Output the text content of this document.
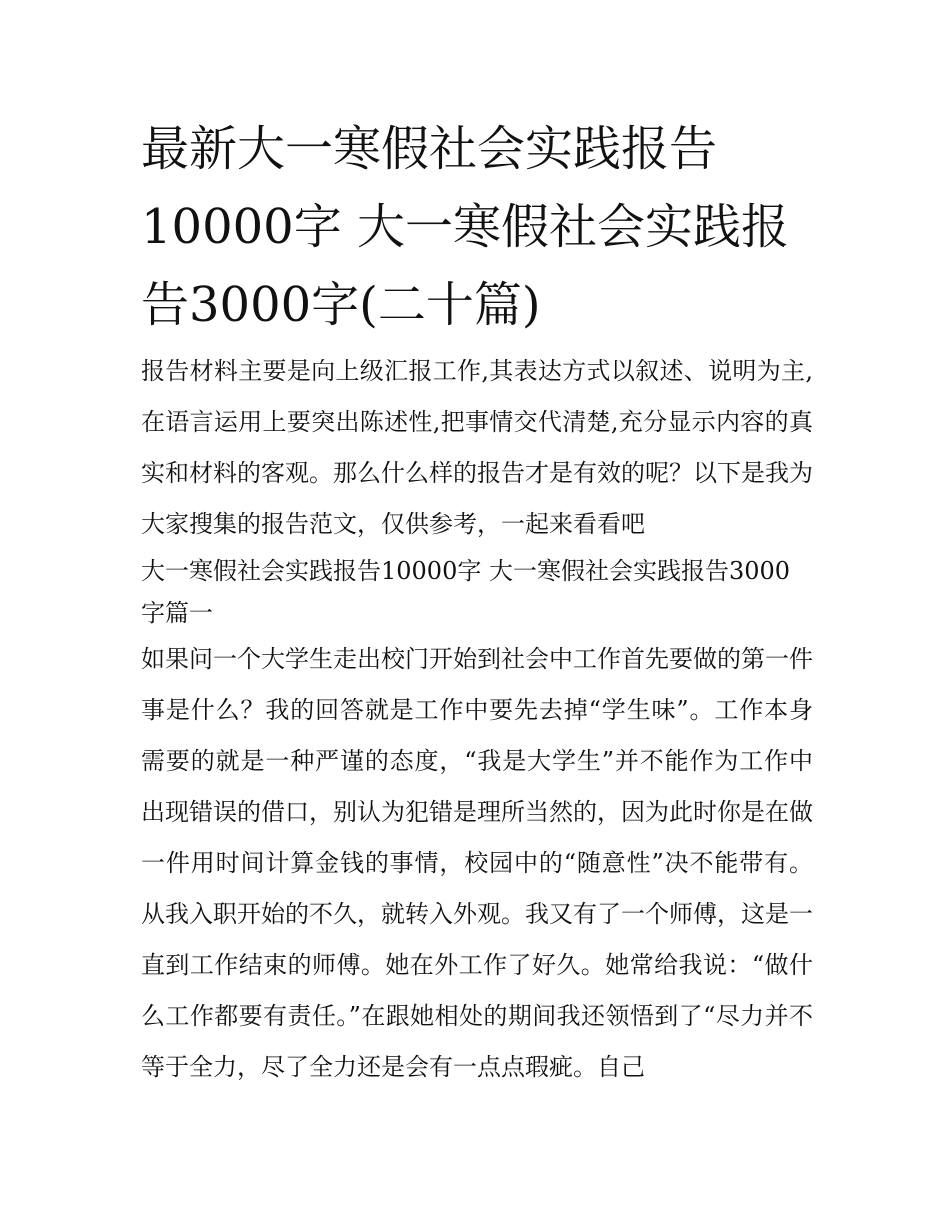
最新大一寒假社会实践报告10000字 大一寒假社会实践报告3000字(二十篇)

报告材料主要是向上级汇报工作,其表达方式以叙述、说明为主,在语言运用上要突出陈述性,把事情交代清楚,充分显示内容的真实和材料的客观。那么什么样的报告才是有效的呢？以下是我为大家搜集的报告范文，仅供参考，一起来看看吧

大一寒假社会实践报告10000字 大一寒假社会实践报告3000字篇一

如果问一个大学生走出校门开始到社会中工作首先要做的第一件事是什么？我的回答就是工作中要先去掉“学生味”。工作本身需要的就是一种严谨的态度，“我是大学生”并不能作为工作中出现错误的借口，别认为犯错是理所当然的，因为此时你是在做一件用时间计算金钱的事情，校园中的“随意性”决不能带有。从我入职开始的不久，就转入外观。我又有了一个师傅，这是一直到工作结束的师傅。她在外工作了好久。她常给我说：“做什么工作都要有责任。”在跟她相处的期间我还领悟到了“尽力并不等于全力，尽了全力还是会有一点点瑕疵。自己
